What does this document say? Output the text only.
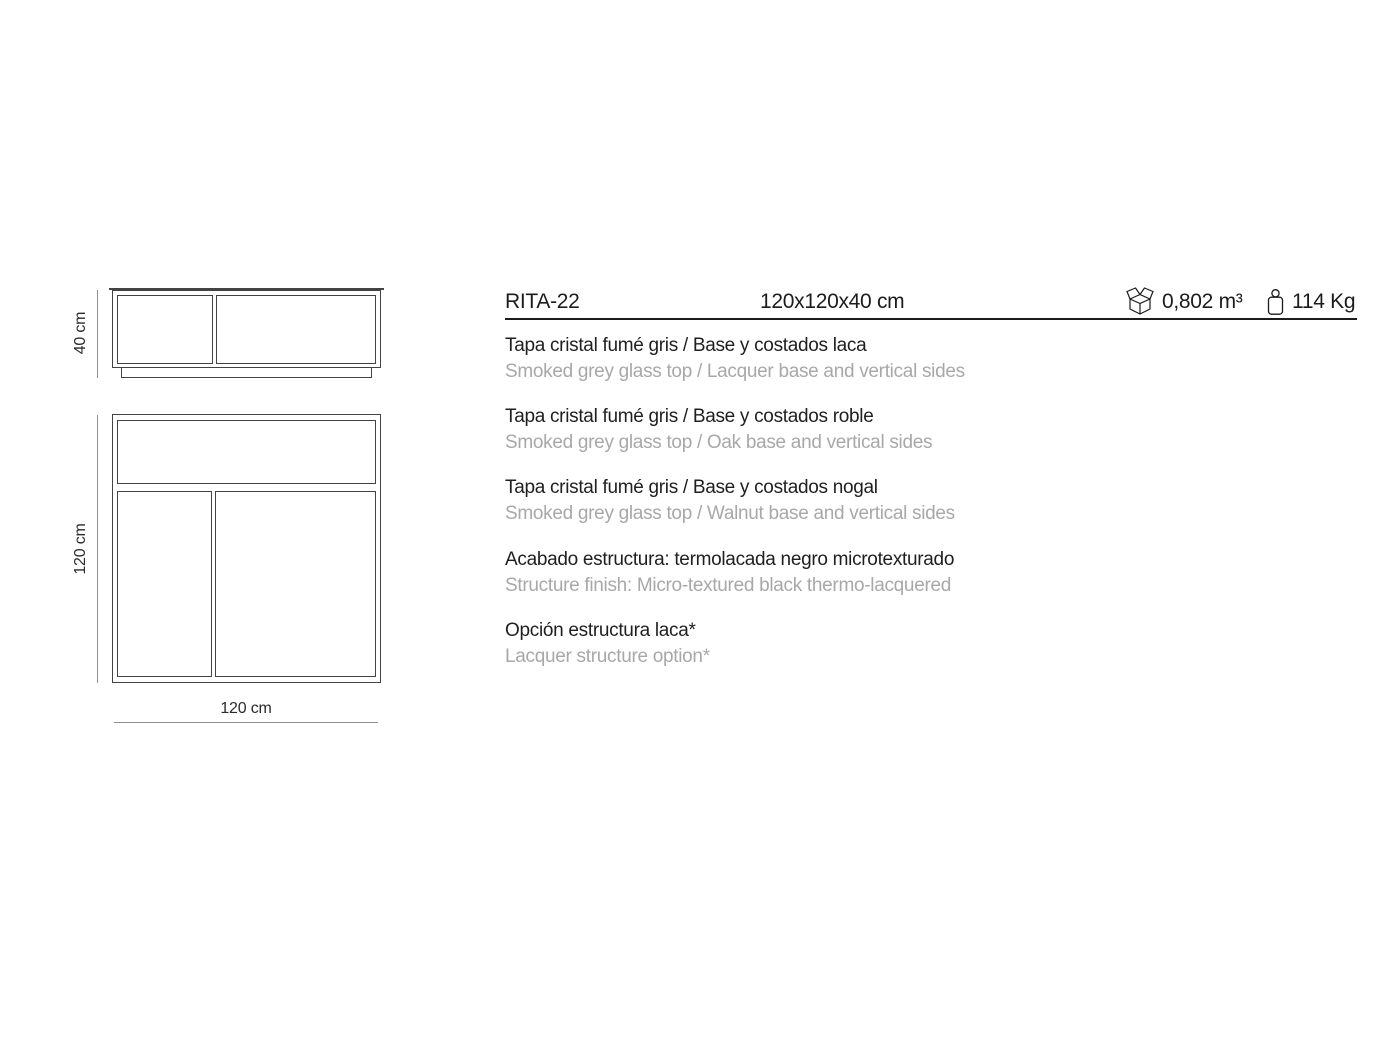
40 cm
120 cm
120 cm
RITA-22	120x120x40 cm	0,802 m³ 114 Kg
Tapa cristal fumé gris / Base y costados laca
Smoked grey glass top / Lacquer base and vertical sides
Tapa cristal fumé gris / Base y costados roble
Smoked grey glass top / Oak base and vertical sides
Tapa cristal fumé gris / Base y costados nogal
Smoked grey glass top / Walnut base and vertical sides
Acabado estructura: termolacada negro microtexturado
Structure finish: Micro-textured black thermo-lacquered
Opción estructura laca*
Lacquer structure option*
